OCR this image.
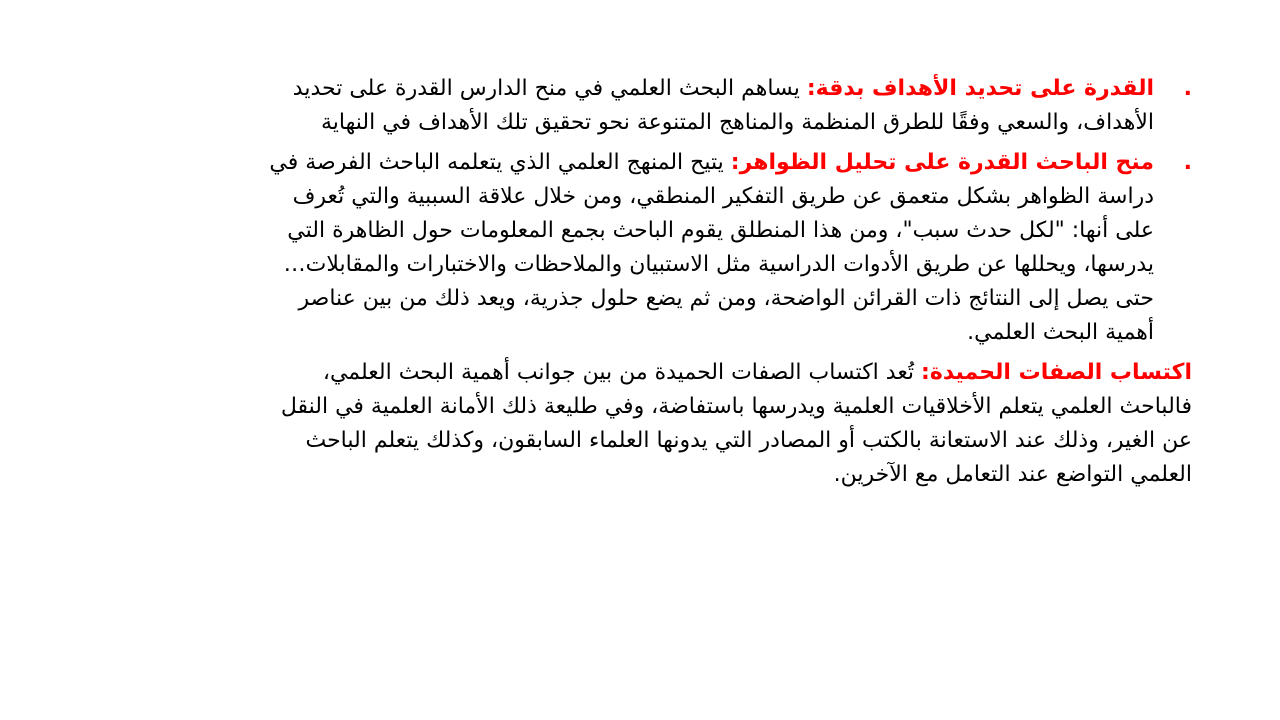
.
القدرة على تحديد الأهداف بدقة: يساهم البحث العلمي في منح الدارس القدرة على تحديد الأهداف، والسعي وفقًا للطرق المنظمة والمناهج المتنوعة نحو تحقيق تلك الأهداف في النهاية

.
منح الباحث القدرة على تحليل الظواهر: يتيح المنهج العلمي الذي يتعلمه الباحث الفرصة في دراسة الظواهر بشكل متعمق عن طريق التفكير المنطقي، ومن خلال علاقة السببية والتي تُعرف على أنها: "لكل حدث سبب"، ومن هذا المنطلق يقوم الباحث بجمع المعلومات حول الظاهرة التي يدرسها، ويحللها عن طريق الأدوات الدراسية مثل الاستبيان والملاحظات والاختبارات والمقابلات… حتى يصل إلى النتائج ذات القرائن الواضحة، ومن ثم يضع حلول جذرية، ويعد ذلك من بين عناصر أهمية البحث العلمي.

اكتساب الصفات الحميدة: تُعد اكتساب الصفات الحميدة من بين جوانب أهمية البحث العلمي، فالباحث العلمي يتعلم الأخلاقيات العلمية ويدرسها باستفاضة، وفي طليعة ذلك الأمانة العلمية في النقل عن الغير، وذلك عند الاستعانة بالكتب أو المصادر التي يدونها العلماء السابقون، وكذلك يتعلم الباحث العلمي التواضع عند التعامل مع الآخرين.
